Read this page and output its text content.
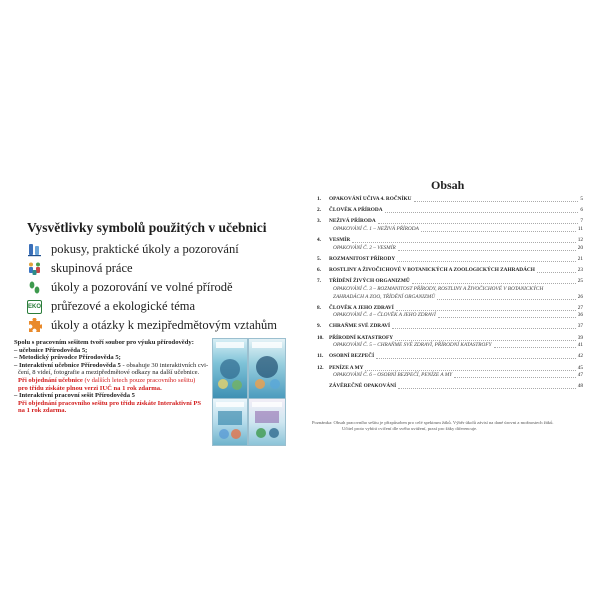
Vysvětlivky symbolů použitých v učebnici
pokusy, praktické úkoly a pozorování
skupinová práce
úkoly a pozorování ve volné přírodě
EKO průřezové a ekologické téma
úkoly a otázky k mezipředmětovým vztahům
Spolu s pracovním sešitem tvoří soubor pro výuku přírodovědy:
– učebnice Přírodověda 5;
– Metodický průvodce Přírodověda 5;
– Interaktivní učebnice Přírodověda 5 - obsahuje 30 interaktivních cvi-
čení, 8 videí, fotografie a mezipředmětové odkazy na další učebnice.
Při objednání učebnice (v dalších letech pouze pracovního sešitu)
pro třídu získáte plnou verzi IUČ na 1 rok zdarma.
– Interaktivní pracovní sešit Přírodověda 5
Při objednání pracovního sešitu pro třídu získáte Interaktivní PS
na 1 rok zdarma.
Obsah
1.	OPAKOVÁNÍ UČIVA 4. ROČNÍKU	5
2.	ČLOVĚK A PŘÍRODA	6
3.	NEŽIVÁ PŘÍRODA	7
OPAKOVÁNÍ Č. 1 – NEŽIVÁ PŘÍRODA	11
4.	VESMÍR	12
OPAKOVÁNÍ Č. 2 – VESMÍR	20
5.	ROZMANITOST PŘÍRODY	21
6.	ROSTLINY A ŽIVOČICHOVÉ V BOTANICKÝCH A ZOOLOGICKÝCH ZAHRADÁCH	23
7.	TŘÍDĚNÍ ŽIVÝCH ORGANIZMŮ	25
OPAKOVÁNÍ Č. 3 – ROZMANITOST PŘÍRODY, ROSTLINY A ŽIVOČICHOVÉ V BOTANICKÝCH
ZAHRADÁCH A ZOO, TŘÍDĚNÍ ORGANIZMŮ	26
8.	ČLOVĚK A JEHO ZDRAVÍ	27
OPAKOVÁNÍ Č. 4 – ČLOVĚK A JEHO ZDRAVÍ	36
9.	CHRAŇME SVÉ ZDRAVÍ	37
10.	PŘÍRODNÍ KATASTROFY	39
OPAKOVÁNÍ Č. 5 – CHRAŇME SVÉ ZDRAVÍ, PŘÍRODNÍ KATASTROFY	41
11.	OSOBNÍ BEZPEČÍ	42
12.	PENÍZE A MY	45
OPAKOVÁNÍ Č. 6 – OSOBNÍ BEZPEČÍ, PENÍZE A MY	47
ZÁVĚREČNÉ OPAKOVÁNÍ	48
Poznámka: Obsah pracovního sešitu je přizpůsoben pro celé spektrum žáků. Výběr úkolů závisí na dané úrovni a možnostech žáků.
Učitel proto vybírá cvičení dle svého uvážení, praxí pro žáky diferencuje.
